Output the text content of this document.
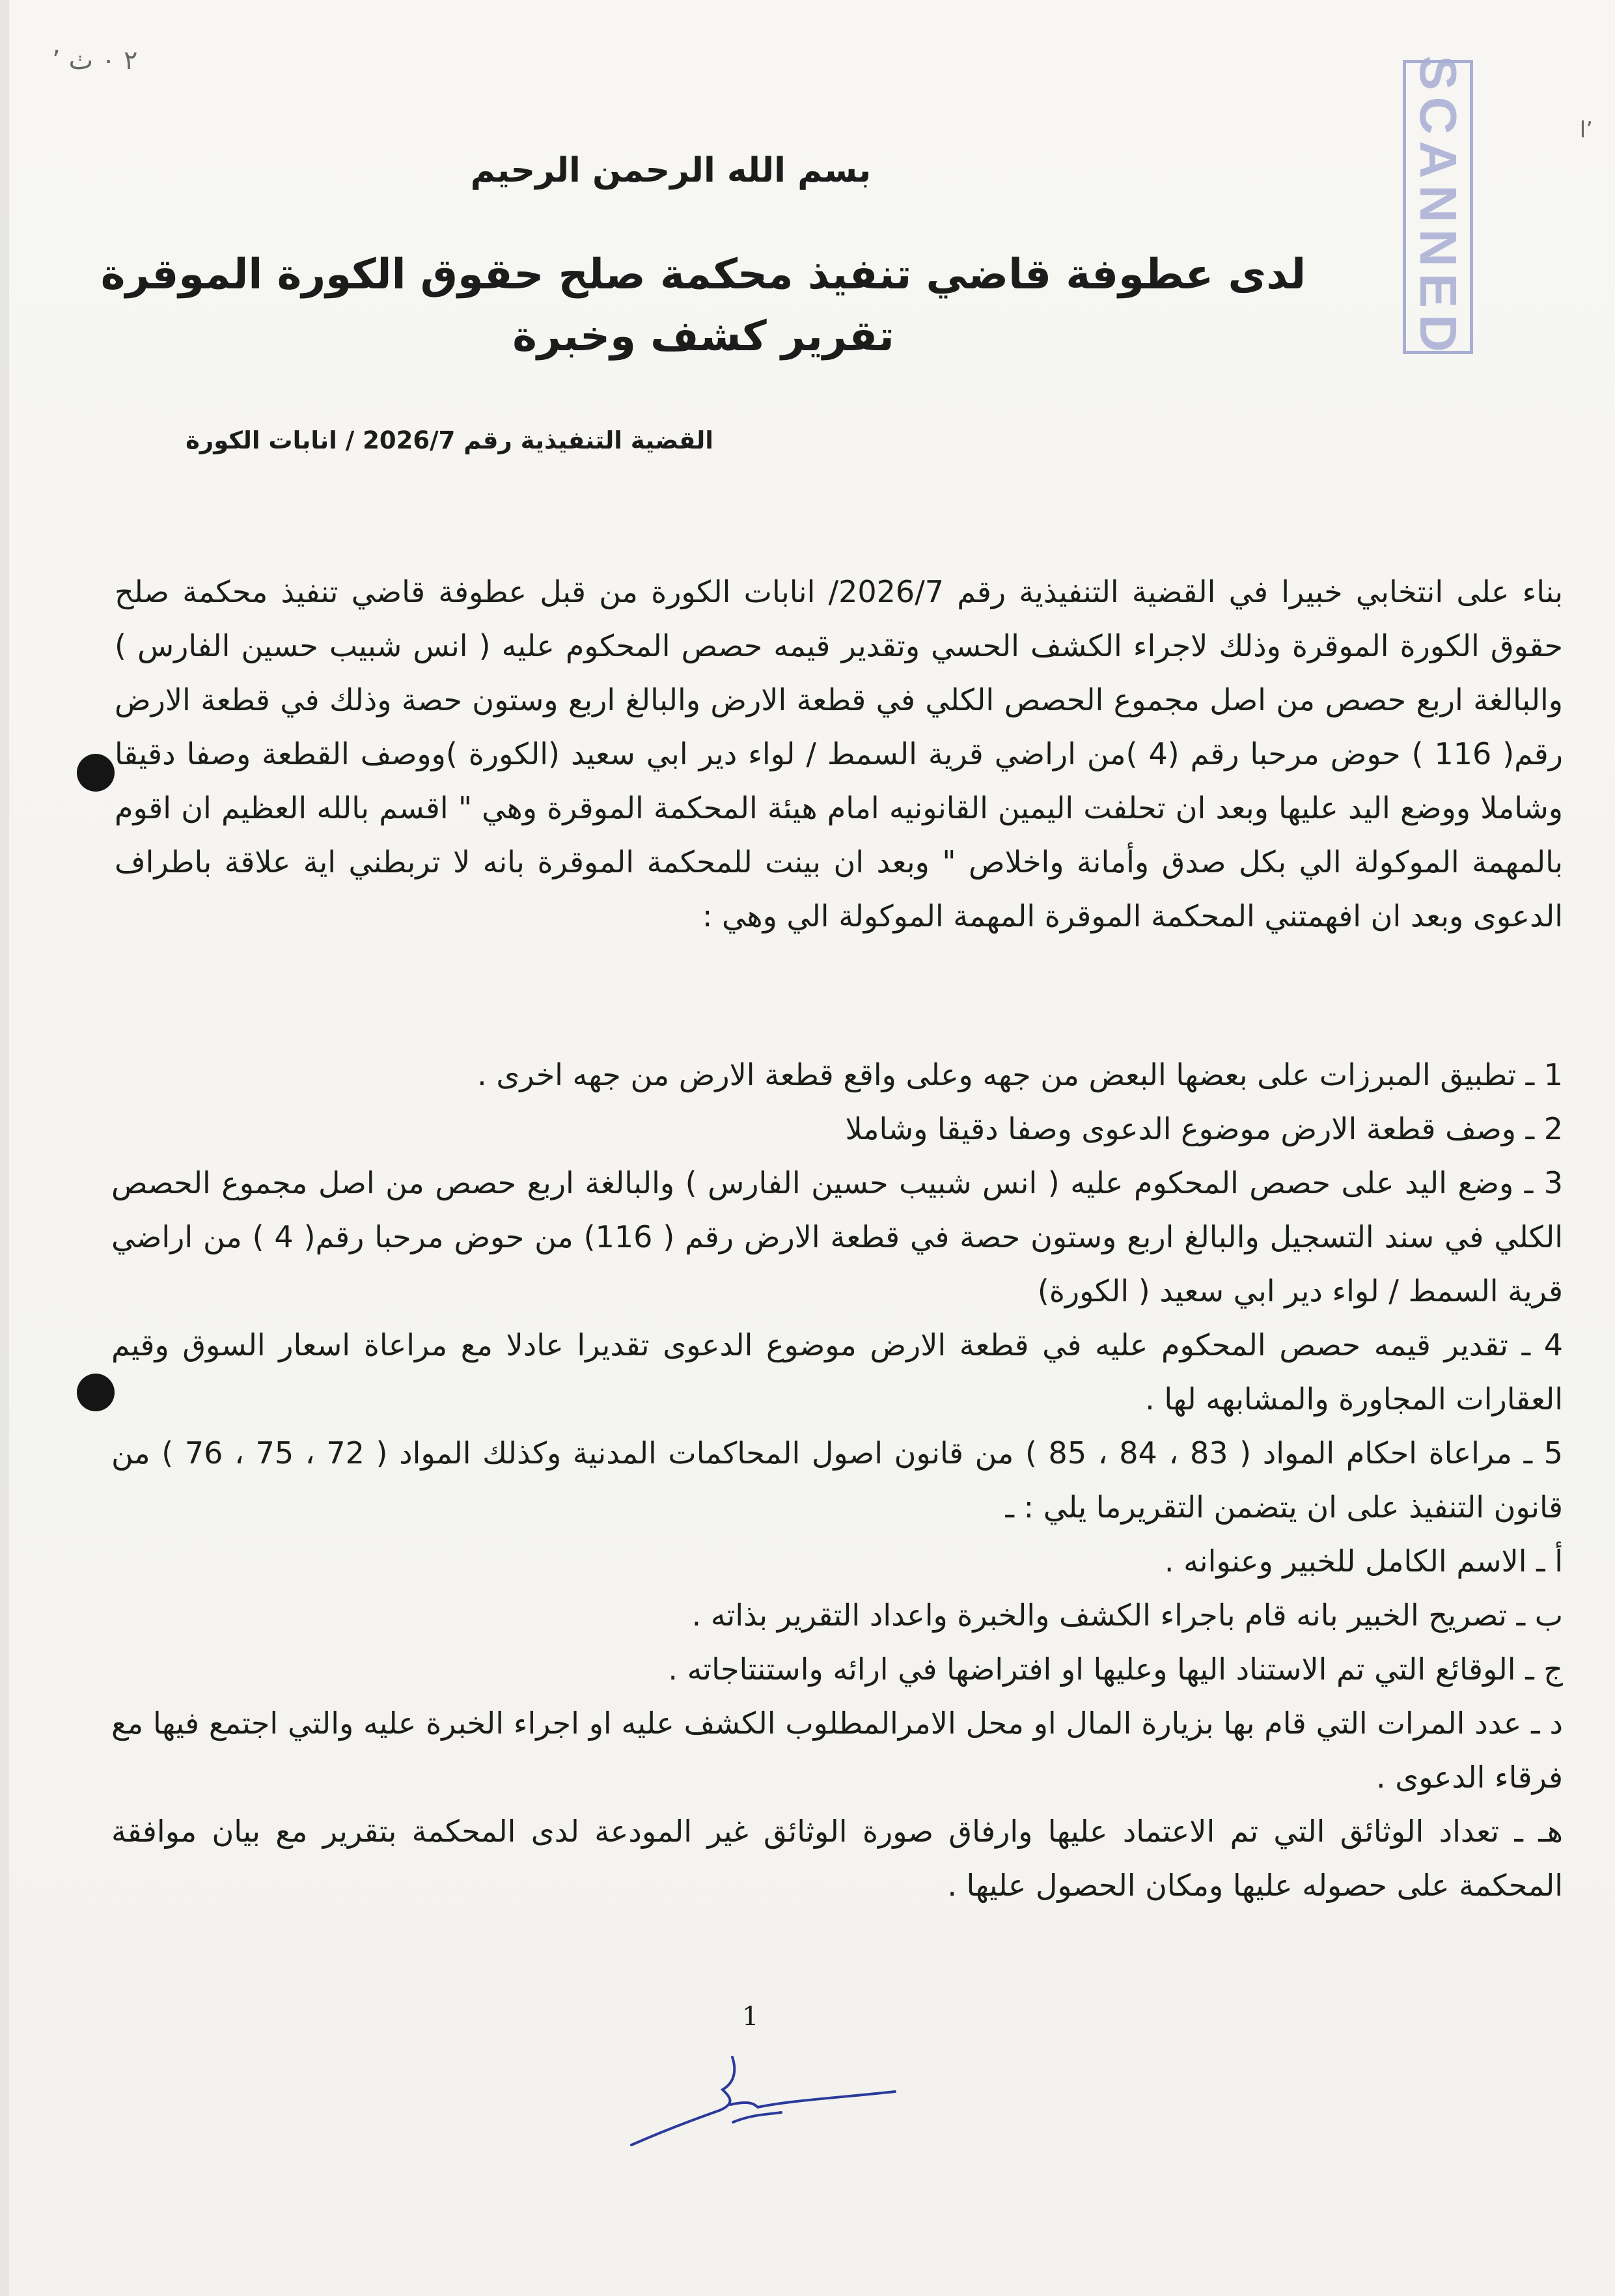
’ ٢ ٠ ٺ
ʼا
SCANNED
بسم الله الرحمن الرحيم
لدى عطوفة قاضي تنفيذ محكمة صلح حقوق الكورة الموقرة
تقرير كشف وخبرة
القضية التنفيذية رقم 2026/7 / انابات الكورة
بناء على انتخابي خبيرا في القضية التنفيذية رقم 2026/7/ انابات الكورة من قبل عطوفة قاضي تنفيذ محكمة صلح حقوق الكورة الموقرة وذلك لاجراء الكشف الحسي وتقدير قيمه حصص المحكوم عليه ( انس شبيب حسين الفارس ) والبالغة اربع حصص من اصل مجموع الحصص الكلي في قطعة الارض والبالغ اربع وستون حصة وذلك في قطعة الارض رقم( 116 ) حوض مرحبا رقم (4 )من اراضي قرية السمط / لواء دير ابي سعيد (الكورة )ووصف القطعة وصفا دقيقا وشاملا ووضع اليد عليها وبعد ان تحلفت اليمين القانونيه امام هيئة المحكمة الموقرة وهي " اقسم بالله العظيم ان اقوم بالمهمة الموكولة الي بكل صدق وأمانة واخلاص " وبعد ان بينت للمحكمة الموقرة بانه لا تربطني اية علاقة باطراف الدعوى وبعد ان افهمتني المحكمة الموقرة المهمة الموكولة الي وهي :
1 ـ تطبيق المبرزات على بعضها البعض من جهه وعلى واقع قطعة الارض من جهه اخرى .
2 ـ وصف قطعة الارض موضوع الدعوى وصفا دقيقا وشاملا
3 ـ وضع اليد على حصص المحكوم عليه ( انس شبيب حسين الفارس ) والبالغة اربع حصص من اصل مجموع الحصص الكلي في سند التسجيل والبالغ اربع وستون حصة في قطعة الارض رقم ( 116) من حوض مرحبا رقم( 4 ) من اراضي قرية السمط / لواء دير ابي سعيد ( الكورة)
4 ـ تقدير قيمه حصص المحكوم عليه في قطعة الارض موضوع الدعوى تقديرا عادلا مع مراعاة اسعار السوق وقيم العقارات المجاورة والمشابهه لها .
5 ـ مراعاة احكام المواد ( 83 ، 84 ، 85 ) من قانون اصول المحاكمات المدنية وكذلك المواد ( 72 ، 75 ، 76 ) من قانون التنفيذ على ان يتضمن التقريرما يلي : ـ
أ ـ الاسم الكامل للخبير وعنوانه .
ب ـ تصريح الخبير بانه قام باجراء الكشف والخبرة واعداد التقرير بذاته .
ج ـ الوقائع التي تم الاستناد اليها وعليها او افتراضها في ارائه واستنتاجاته .
د ـ عدد المرات التي قام بها بزيارة المال او محل الامرالمطلوب الكشف عليه او اجراء الخبرة عليه والتي اجتمع فيها مع فرقاء الدعوى .
هـ ـ تعداد الوثائق التي تم الاعتماد عليها وارفاق صورة الوثائق غير المودعة لدى المحكمة بتقرير مع بيان موافقة المحكمة على حصوله عليها ومكان الحصول عليها .
1
